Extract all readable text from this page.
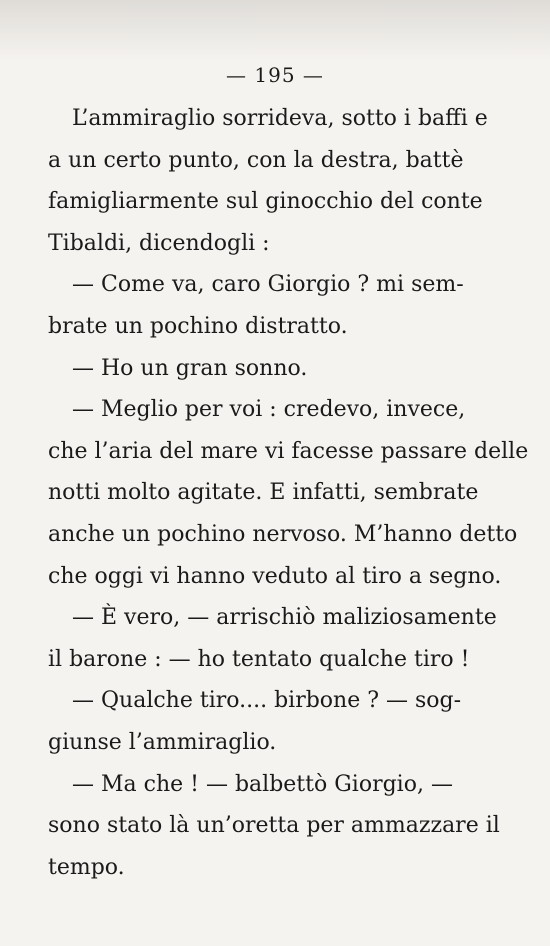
— 195 —
L’ammiraglio sorrideva, sotto i baffi e
a un certo punto, con la destra, battè
famigliarmente sul ginocchio del conte
Tibaldi, dicendogli :
— Come va, caro Giorgio ? mi sem-
brate un pochino distratto.
— Ho un gran sonno.
— Meglio per voi : credevo, invece,
che l’aria del mare vi facesse passare delle
notti molto agitate. E infatti, sembrate
anche un pochino nervoso. M’hanno detto
che oggi vi hanno veduto al tiro a segno.
— È vero, — arrischiò maliziosamente
il barone : — ho tentato qualche tiro !
— Qualche tiro.... birbone ? — sog-
giunse l’ammiraglio.
— Ma che ! — balbettò Giorgio, —
sono stato là un’oretta per ammazzare il
tempo.
